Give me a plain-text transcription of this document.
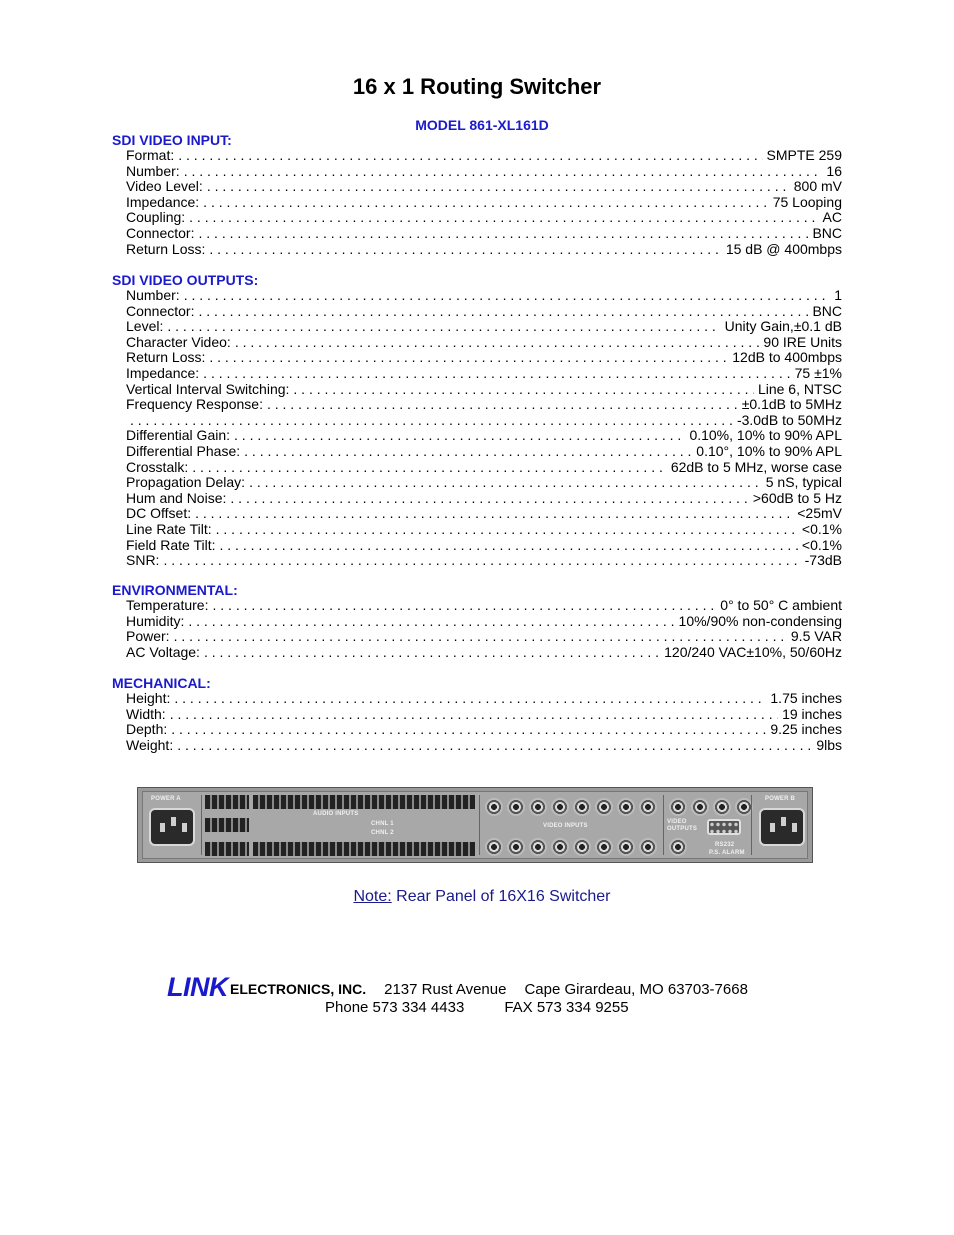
16 x 1 Routing Switcher
MODEL 861-XL161D
SDI VIDEO INPUT:
Format: . . .	SMPTE 259
Number: . . .	16
Video Level: . . .	800 mV
Impedance: . . .	75 Looping
Coupling: . . .	AC
Connector: . . .	BNC
Return Loss: . . .	15 dB @ 400mbps
SDI VIDEO OUTPUTS:
Number: . . .	1
Connector: . . .	BNC
Level: . . .	Unity Gain,±0.1 dB
Character Video: . . .	90 IRE Units
Return Loss: . . .	12dB to 400mbps
Impedance: . . .	75 ±1%
Vertical Interval Switching: . . .	Line 6, NTSC
Frequency Response: . . .	±0.1dB to 5MHz
. . .
-3.0dB to 50MHz
Differential Gain: . . .	0.10%, 10% to 90% APL
Differential Phase: . . .	0.10°, 10% to 90% APL
Crosstalk: . . .	62dB to 5 MHz, worse case
Propagation Delay: . . .	5 nS, typical
Hum and Noise: . . .	>60dB to 5 Hz
DC Offset: . . .	<25mV
Line Rate Tilt: . . .	<0.1%
Field Rate Tilt: . . .	<0.1%
SNR: . . .	-73dB
ENVIRONMENTAL:
Temperature: . . .	0° to 50° C ambient
Humidity: . . .	10%/90% non-condensing
Power: . . .	9.5 VAR
AC Voltage: . . .	120/240 VAC±10%, 50/60Hz
MECHANICAL:
Height: . . .	1.75 inches
Width: . . .	19 inches
Depth: . . .	9.25 inches
Weight: . . .	9lbs
POWER A
AUDIO INPUTS
CHNL 1
CHNL 2
VIDEO INPUTS
VIDEO OUTPUTS
RS232
P.S. ALARM
POWER B
Note: Rear Panel of 16X16 Switcher
LINK ELECTRONICS, INC. 2137 Rust Avenue Cape Girardeau, MO 63703-7668
Phone 573 334 4433	FAX 573 334 9255
